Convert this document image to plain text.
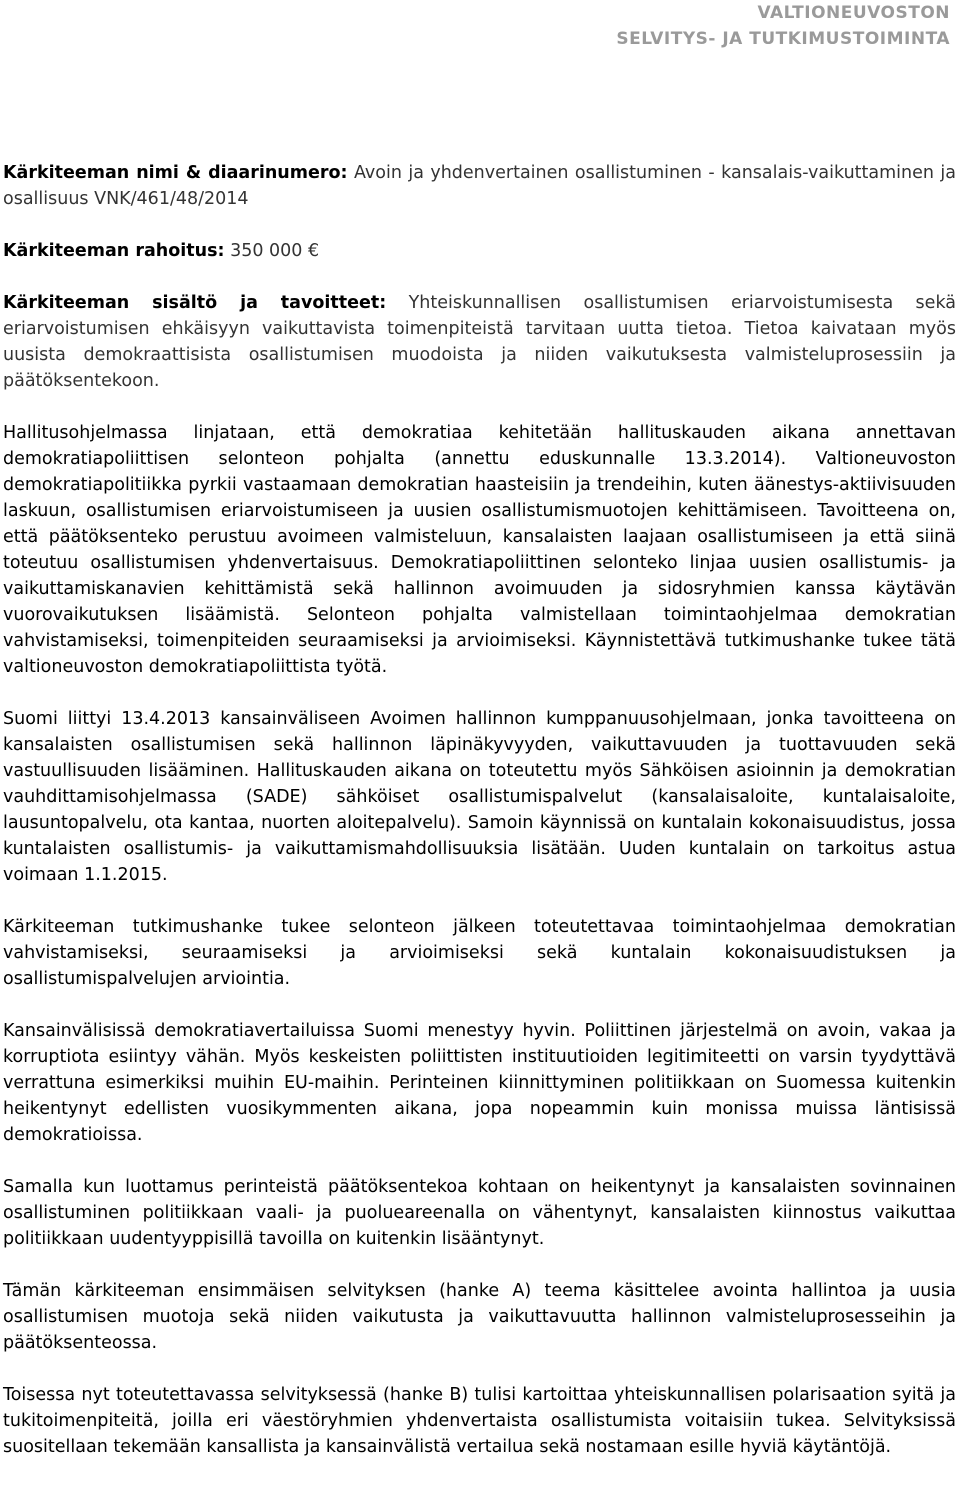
VALTIONEUVOSTON
SELVITYS- JA TUTKIMUSTOIMINTA

Kärkiteeman nimi & diaarinumero: Avoin ja yhdenvertainen osallistuminen - kansalais-vaikuttaminen ja osallisuus VNK/461/48/2014

Kärkiteeman rahoitus: 350 000 €

Kärkiteeman sisältö ja tavoitteet: Yhteiskunnallisen osallistumisen eriarvoistumisesta sekä eriarvoistumisen ehkäisyyn vaikuttavista toimenpiteistä tarvitaan uutta tietoa. Tietoa kaivataan myös uusista demokraattisista osallistumisen muodoista ja niiden vaikutuksesta valmisteluprosessiin ja päätöksentekoon.

Hallitusohjelmassa linjataan, että demokratiaa kehitetään hallituskauden aikana annettavan demokratiapoliittisen selonteon pohjalta (annettu eduskunnalle 13.3.2014). Valtioneuvoston demokratiapolitiikka pyrkii vastaamaan demokratian haasteisiin ja trendeihin, kuten äänestys-aktiivisuuden laskuun, osallistumisen eriarvoistumiseen ja uusien osallistumismuotojen kehittämiseen. Tavoitteena on, että päätöksenteko perustuu avoimeen valmisteluun, kansalaisten laajaan osallistumiseen ja että siinä toteutuu osallistumisen yhdenvertaisuus. Demokratiapoliittinen selonteko linjaa uusien osallistumis- ja vaikuttamiskanavien kehittämistä sekä hallinnon avoimuuden ja sidosryhmien kanssa käytävän vuorovaikutuksen lisäämistä. Selonteon pohjalta valmistellaan toimintaohjelmaa demokratian vahvistamiseksi, toimenpiteiden seuraamiseksi ja arvioimiseksi. Käynnistettävä tutkimushanke tukee tätä valtioneuvoston demokratiapoliittista työtä.

Suomi liittyi 13.4.2013 kansainväliseen Avoimen hallinnon kumppanuusohjelmaan, jonka tavoitteena on kansalaisten osallistumisen sekä hallinnon läpinäkyvyyden, vaikuttavuuden ja tuottavuuden sekä vastuullisuuden lisääminen. Hallituskauden aikana on toteutettu myös Sähköisen asioinnin ja demokratian vauhdittamisohjelmassa (SADE) sähköiset osallistumispalvelut (kansalaisaloite, kuntalaisaloite, lausuntopalvelu, ota kantaa, nuorten aloitepalvelu). Samoin käynnissä on kuntalain kokonaisuudistus, jossa kuntalaisten osallistumis- ja vaikuttamismahdollisuuksia lisätään. Uuden kuntalain on tarkoitus astua voimaan 1.1.2015.

Kärkiteeman tutkimushanke tukee selonteon jälkeen toteutettavaa toimintaohjelmaa demokratian vahvistamiseksi, seuraamiseksi ja arvioimiseksi sekä kuntalain kokonaisuudistuksen ja osallistumispalvelujen arviointia.

Kansainvälisissä demokratiavertailuissa Suomi menestyy hyvin. Poliittinen järjestelmä on avoin, vakaa ja korruptiota esiintyy vähän. Myös keskeisten poliittisten instituutioiden legitimiteetti on varsin tyydyttävä verrattuna esimerkiksi muihin EU-maihin. Perinteinen kiinnittyminen politiikkaan on Suomessa kuitenkin heikentynyt edellisten vuosikymmenten aikana, jopa nopeammin kuin monissa muissa läntisissä demokratioissa.

Samalla kun luottamus perinteistä päätöksentekoa kohtaan on heikentynyt ja kansalaisten sovinnainen osallistuminen politiikkaan vaali- ja puolueareenalla on vähentynyt, kansalaisten kiinnostus vaikuttaa politiikkaan uudentyyppisillä tavoilla on kuitenkin lisääntynyt.

Tämän kärkiteeman ensimmäisen selvityksen (hanke A) teema käsittelee avointa hallintoa ja uusia osallistumisen muotoja sekä niiden vaikutusta ja vaikuttavuutta hallinnon valmisteluprosesseihin ja päätöksenteossa.

Toisessa nyt toteutettavassa selvityksessä (hanke B) tulisi kartoittaa yhteiskunnallisen polarisaation syitä ja tukitoimenpiteitä, joilla eri väestöryhmien yhdenvertaista osallistumista voitaisiin tukea. Selvityksissä suositellaan tekemään kansallista ja kansainvälistä vertailua sekä nostamaan esille hyviä käytäntöjä.
